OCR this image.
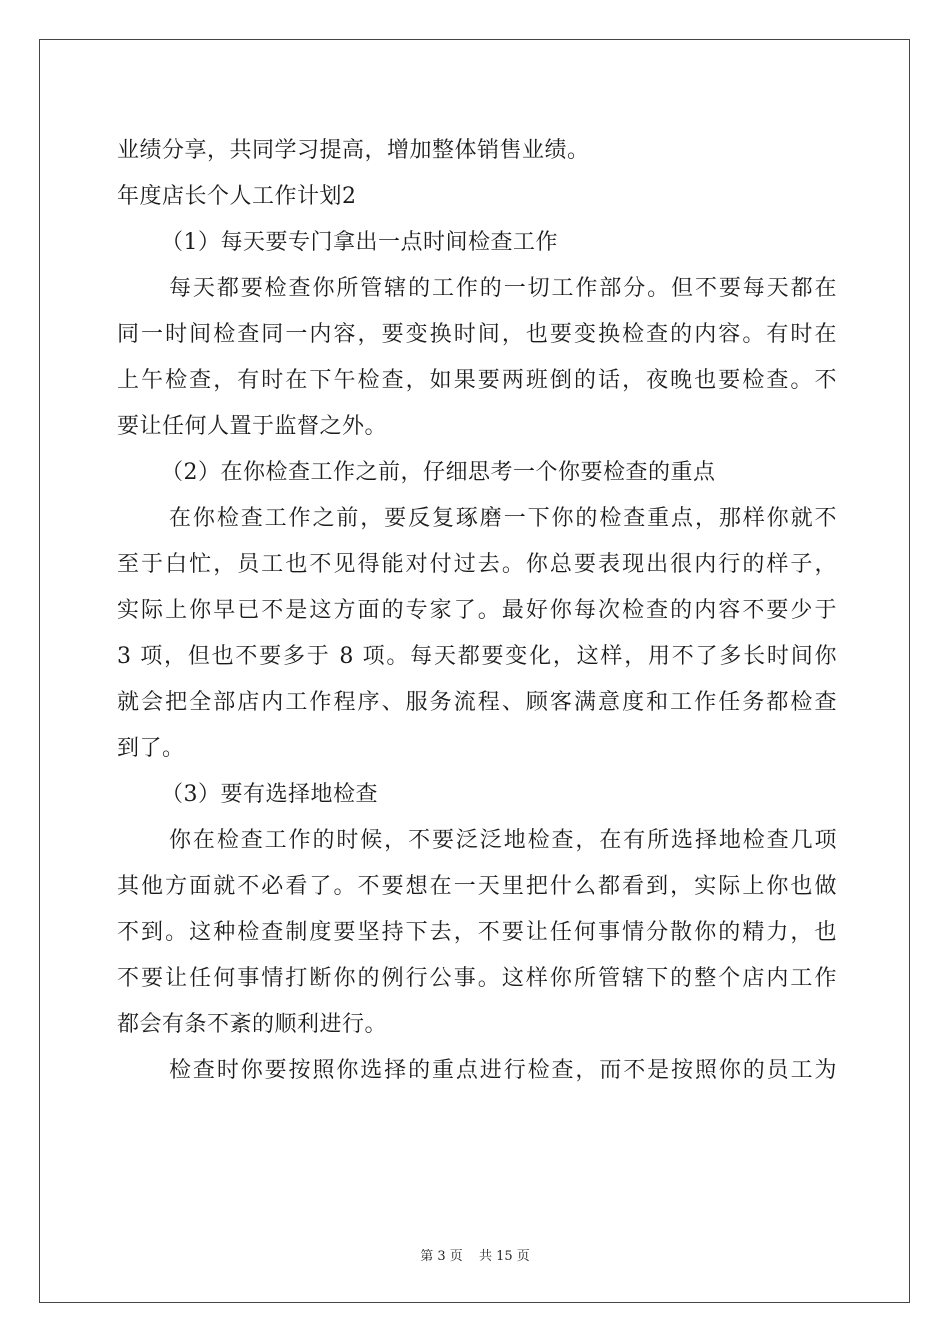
业绩分享，共同学习提高，增加整体销售业绩。
年度店长个人工作计划2
（1）每天要专门拿出一点时间检查工作
每天都要检查你所管辖的工作的一切工作部分。但不要每天都在
同一时间检查同一内容，要变换时间，也要变换检查的内容。有时在
上午检查，有时在下午检查，如果要两班倒的话，夜晚也要检查。不
要让任何人置于监督之外。
（2）在你检查工作之前，仔细思考一个你要检查的重点
在你检查工作之前，要反复琢磨一下你的检查重点，那样你就不
至于白忙，员工也不见得能对付过去。你总要表现出很内行的样子，
实际上你早已不是这方面的专家了。最好你每次检查的内容不要少于
3 项，但也不要多于 8 项。每天都要变化，这样，用不了多长时间你
就会把全部店内工作程序、服务流程、顾客满意度和工作任务都检查
到了。
（3）要有选择地检查
你在检查工作的时候，不要泛泛地检查，在有所选择地检查几项
其他方面就不必看了。不要想在一天里把什么都看到，实际上你也做
不到。这种检查制度要坚持下去，不要让任何事情分散你的精力，也
不要让任何事情打断你的例行公事。这样你所管辖下的整个店内工作
都会有条不紊的顺利进行。
检查时你要按照你选择的重点进行检查，而不是按照你的员工为
第 3 页 共 15 页
